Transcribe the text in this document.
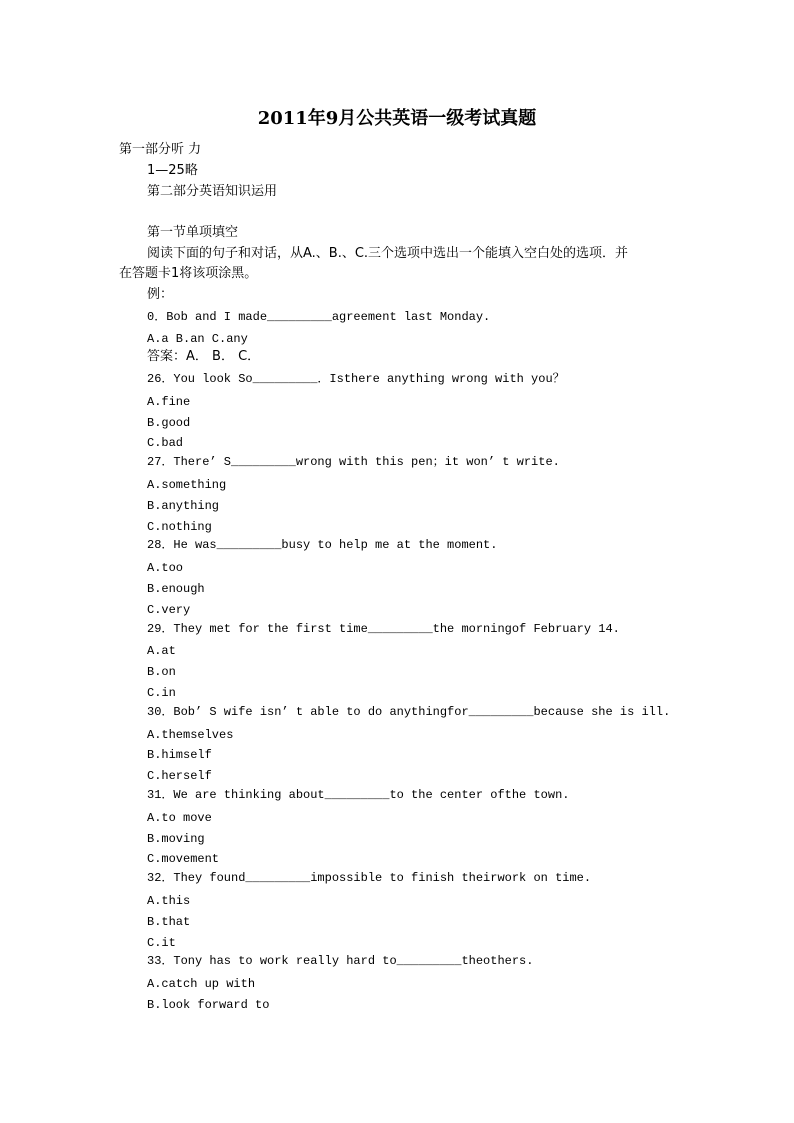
2011年9月公共英语一级考试真题
第一部分听 力
1—25略
第二部分英语知识运用
第一节单项填空
阅读下面的句子和对话，从A.、B.、C.三个选项中选出一个能填入空白处的选项．并
在答题卡1将该项涂黑。
例：
0．Bob and I made_________agreement last Monday.
A.a B.an C.any
答案：A． B． C．
26．You look So_________．Isthere anything wrong with you？
A.fine
B.good
C.bad
27．There’ S_________wrong with this pen；it won’ t write.
A.something
B.anything
C.nothing
28．He was_________busy to help me at the moment.
A.too
B.enough
C.very
29．They met for the first time_________the morningof February 14.
A.at
B.on
C.in
30．Bob’ S wife isn’ t able to do anythingfor_________because she is ill.
A.themselves
B.himself
C.herself
31．We are thinking about_________to the center ofthe town.
A.to move
B.moving
C.movement
32．They found_________impossible to finish theirwork on time.
A.this
B.that
C.it
33．Tony has to work really hard to_________theothers.
A.catch up with
B.look forward to
